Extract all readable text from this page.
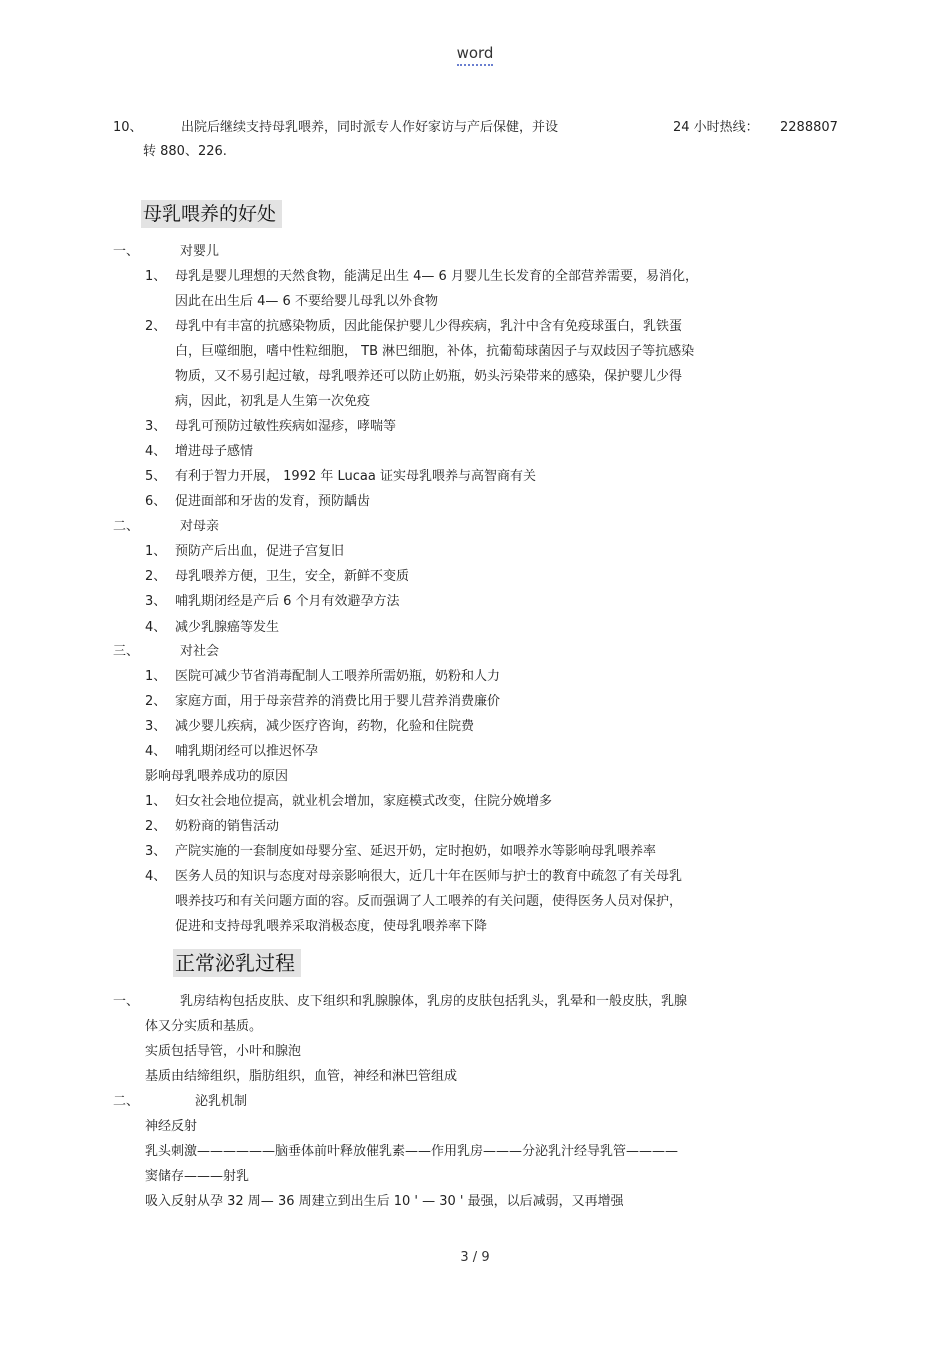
word
10、	出院后继续支持母乳喂养，同时派专人作好家访与产后保健，并设	24 小时热线： 2288807
转 880、226.
母乳喂养的好处
一、	对婴儿
1、 母乳是婴儿理想的天然食物，能满足出生 4— 6 月婴儿生长发育的全部营养需要，易消化，
因此在出生后 4— 6 不要给婴儿母乳以外食物
2、 母乳中有丰富的抗感染物质，因此能保护婴儿少得疾病，乳汁中含有免疫球蛋白，乳铁蛋
白，巨噬细胞，嗜中性粒细胞， TB 淋巴细胞，补体，抗葡萄球菌因子与双歧因子等抗感染
物质，又不易引起过敏，母乳喂养还可以防止奶瓶，奶头污染带来的感染，保护婴儿少得
病，因此，初乳是人生第一次免疫
3、 母乳可预防过敏性疾病如湿疹，哮喘等
4、 增进母子感情
5、 有利于智力开展， 1992 年 Lucaa 证实母乳喂养与高智商有关
6、 促进面部和牙齿的发育，预防龋齿
二、	对母亲
1、 预防产后出血，促进子宫复旧
2、 母乳喂养方便，卫生，安全，新鲜不变质
3、 哺乳期闭经是产后 6 个月有效避孕方法
4、 减少乳腺癌等发生
三、	对社会
1、 医院可减少节省消毒配制人工喂养所需奶瓶，奶粉和人力
2、 家庭方面，用于母亲营养的消费比用于婴儿营养消费廉价
3、 减少婴儿疾病，减少医疗咨询，药物，化验和住院费
4、 哺乳期闭经可以推迟怀孕
影响母乳喂养成功的原因
1、 妇女社会地位提高，就业机会增加，家庭模式改变，住院分娩增多
2、 奶粉商的销售活动
3、 产院实施的一套制度如母婴分室、延迟开奶，定时抱奶，如喂养水等影响母乳喂养率
4、 医务人员的知识与态度对母亲影响很大，近几十年在医师与护士的教育中疏忽了有关母乳
喂养技巧和有关问题方面的容。反而强调了人工喂养的有关问题，使得医务人员对保护，
促进和支持母乳喂养采取消极态度，使母乳喂养率下降
正常泌乳过程
一、	乳房结构包括皮肤、皮下组织和乳腺腺体，乳房的皮肤包括乳头，乳晕和一般皮肤，乳腺
体又分实质和基质。
实质包括导管，小叶和腺泡
基质由结缔组织，脂肪组织，血管，神经和淋巴管组成
二、	泌乳机制
神经反射
乳头刺激——————脑垂体前叶释放催乳素——作用乳房———分泌乳汁经导乳管————
窦储存———射乳
吸入反射从孕 32 周— 36 周建立到出生后 10 ' — 30 ' 最强，以后减弱，又再增强
3 / 9
